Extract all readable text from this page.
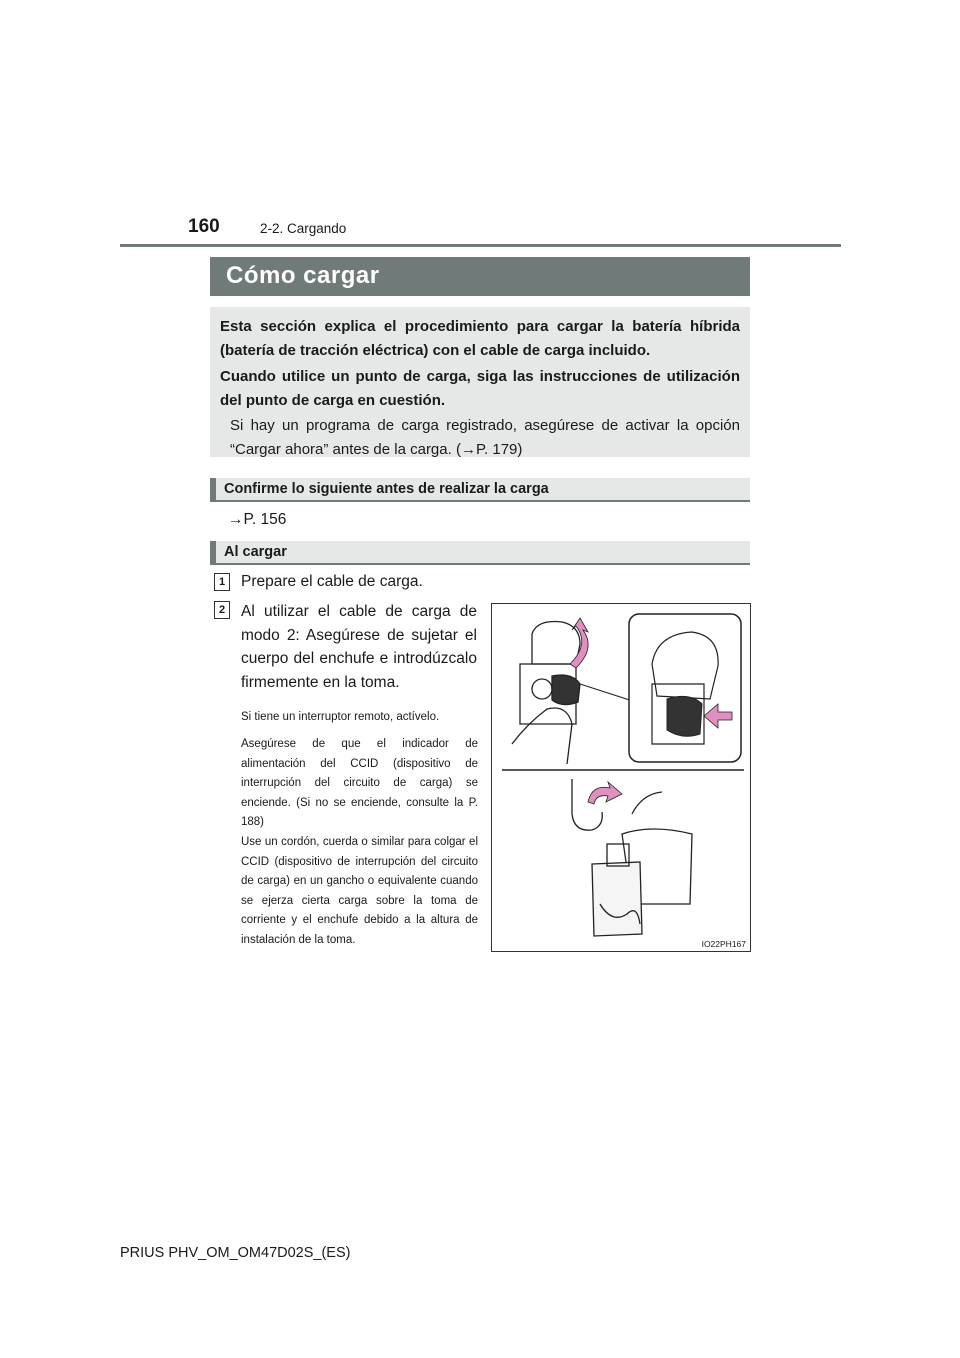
160	2-2. Cargando
Cómo cargar
Esta sección explica el procedimiento para cargar la batería híbrida (batería de tracción eléctrica) con el cable de carga incluido.
Cuando utilice un punto de carga, siga las instrucciones de utilización del punto de carga en cuestión.
Si hay un programa de carga registrado, asegúrese de activar la opción “Cargar ahora” antes de la carga. (→P. 179)
Confirme lo siguiente antes de realizar la carga
→P. 156
Al cargar
1	Prepare el cable de carga.
2	Al utilizar el cable de carga de modo 2: Asegúrese de sujetar el cuerpo del enchufe e introdúzcalo firmemente en la toma.
Si tiene un interruptor remoto, actívelo.
Asegúrese de que el indicador de alimentación del CCID (dispositivo de interrupción del circuito de carga) se enciende. (Si no se enciende, consulte la P. 188)
Use un cordón, cuerda o similar para colgar el CCID (dispositivo de interrupción del circuito de carga) en un gancho o equivalente cuando se ejerza cierta carga sobre la toma de corriente y el enchufe debido a la altura de instalación de la toma.	IO22PH167
PRIUS PHV_OM_OM47D02S_(ES)
